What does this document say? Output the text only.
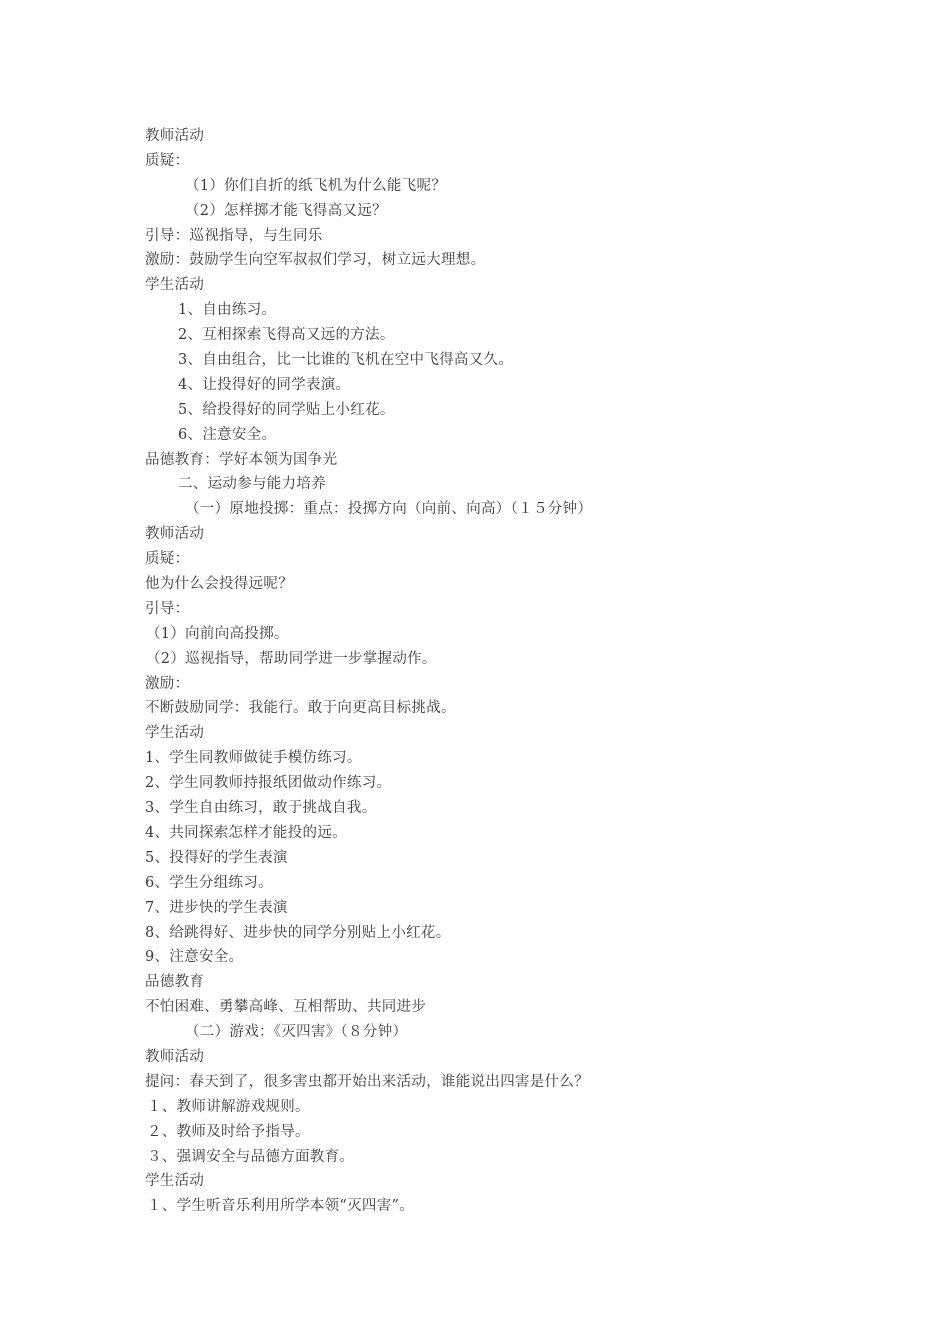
教师活动
质疑：
（1）你们自折的纸飞机为什么能飞呢？
（2）怎样掷才能飞得高又远？
引导：巡视指导，与生同乐
激励：鼓励学生向空军叔叔们学习，树立远大理想。
学生活动
1、自由练习。
2、互相探索飞得高又远的方法。
3、自由组合，比一比谁的飞机在空中飞得高又久。
4、让投得好的同学表演。
5、给投得好的同学贴上小红花。
6、注意安全。
品德教育：学好本领为国争光
二、运动参与能力培养
（一）原地投掷：重点：投掷方向（向前、向高）（１５分钟）
教师活动
质疑：
他为什么会投得远呢？
引导：
（1）向前向高投掷。
（2）巡视指导，帮助同学进一步掌握动作。
激励：
不断鼓励同学：我能行。敢于向更高目标挑战。
学生活动
1、学生同教师做徒手模仿练习。
2、学生同教师持报纸团做动作练习。
3、学生自由练习，敢于挑战自我。
4、共同探索怎样才能投的远。
5、投得好的学生表演
6、学生分组练习。
7、进步快的学生表演
8、给跳得好、进步快的同学分别贴上小红花。
9、注意安全。
品德教育
不怕困难、勇攀高峰、互相帮助、共同进步
（二）游戏：《灭四害》（８分钟）
教师活动
提问：春天到了，很多害虫都开始出来活动，谁能说出四害是什么？
１、教师讲解游戏规则。
２、教师及时给予指导。
３、强调安全与品德方面教育。
学生活动
１、学生听音乐利用所学本领“灭四害”。
